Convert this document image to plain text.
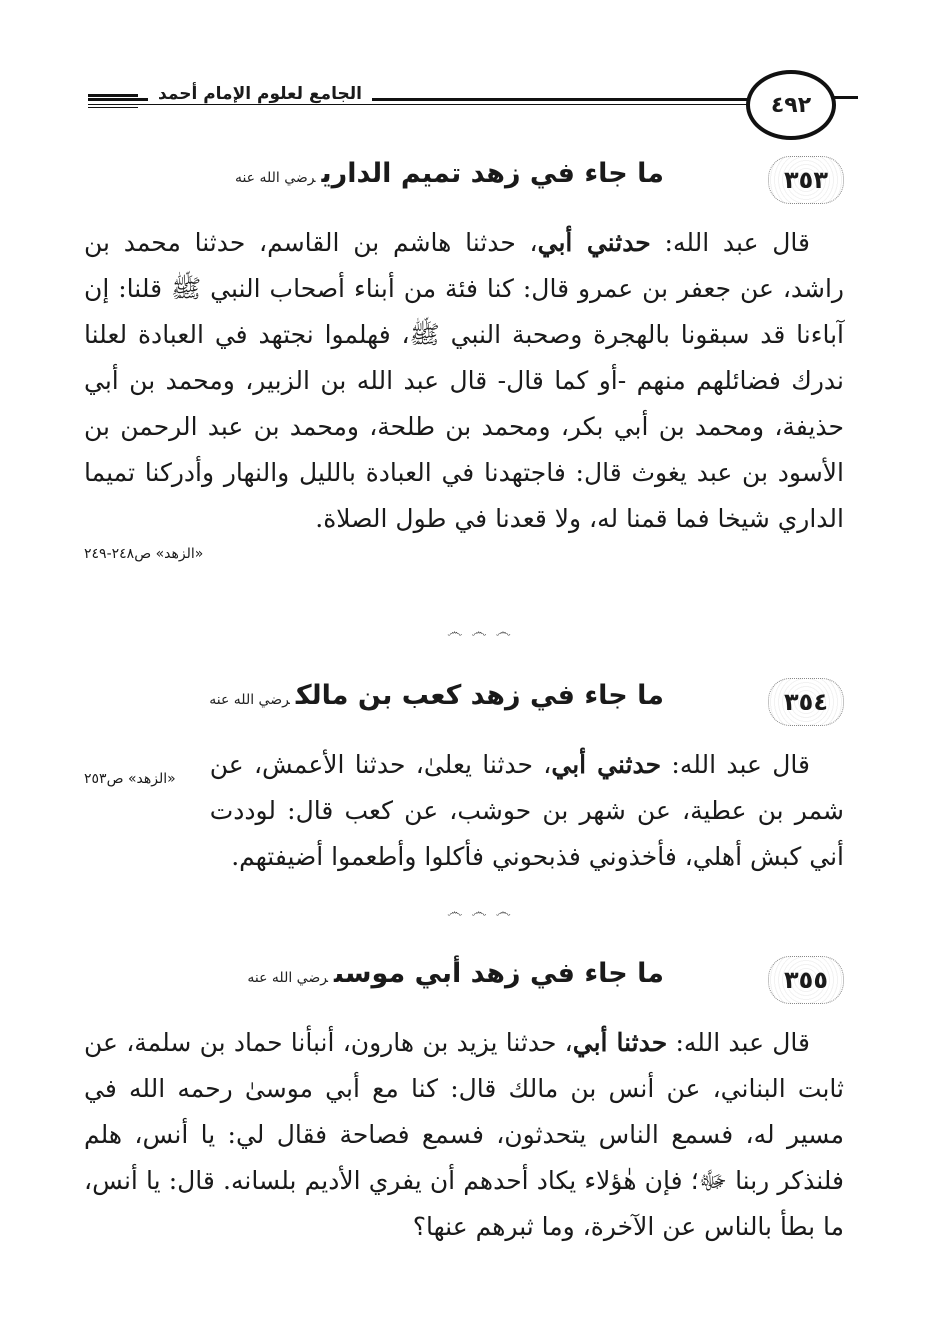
الجامع لعلوم الإمام أحمد	٤٩٢
٣٥٣
ما جاء في زهد تميم الداريرضي الله عنه

قال عبد الله: حدثني أبي، حدثنا هاشم بن القاسم، حدثنا محمد بن راشد، عن جعفر بن عمرو قال: كنا فئة من أبناء أصحاب النبي ﷺ قلنا: إن آباءنا قد سبقونا بالهجرة وصحبة النبي ﷺ، فهلموا نجتهد في العبادة لعلنا ندرك فضائلهم منهم -أو كما قال- قال عبد الله بن الزبير، ومحمد بن أبي حذيفة، ومحمد بن أبي بكر، ومحمد بن طلحة، ومحمد بن عبد الرحمن بن الأسود بن عبد يغوث قال: فاجتهدنا في العبادة بالليل والنهار وأدركنا تميما الداري شيخا فما قمنا له، ولا قعدنا في طول الصلاة.

«الزهد» ص٢٤٨-٢٤٩
෴ ෴ ෴
٣٥٤
ما جاء في زهد كعب بن مالكرضي الله عنه

«الزهد» ص٢٥٣	قال عبد الله: حدثني أبي، حدثنا يعلىٰ، حدثنا الأعمش، عن شمر بن عطية، عن شهر بن حوشب، عن كعب قال: لوددت أني كبش أهلي، فأخذوني فذبحوني فأكلوا وأطعموا أضيفتهم.

෴ ෴ ෴
٣٥٥
ما جاء في زهد أبي موسىرضي الله عنه

قال عبد الله: حدثنا أبي، حدثنا يزيد بن هارون، أنبأنا حماد بن سلمة، عن ثابت البناني، عن أنس بن مالك قال: كنا مع أبي موسىٰ رحمه الله في مسير له، فسمع الناس يتحدثون، فسمع فصاحة فقال لي: يا أنس، هلم فلنذكر ربنا ﷻ؛ فإن هٰؤلاء يكاد أحدهم أن يفري الأديم بلسانه. قال: يا أنس، ما بطأ بالناس عن الآخرة، وما ثبرهم عنها؟
